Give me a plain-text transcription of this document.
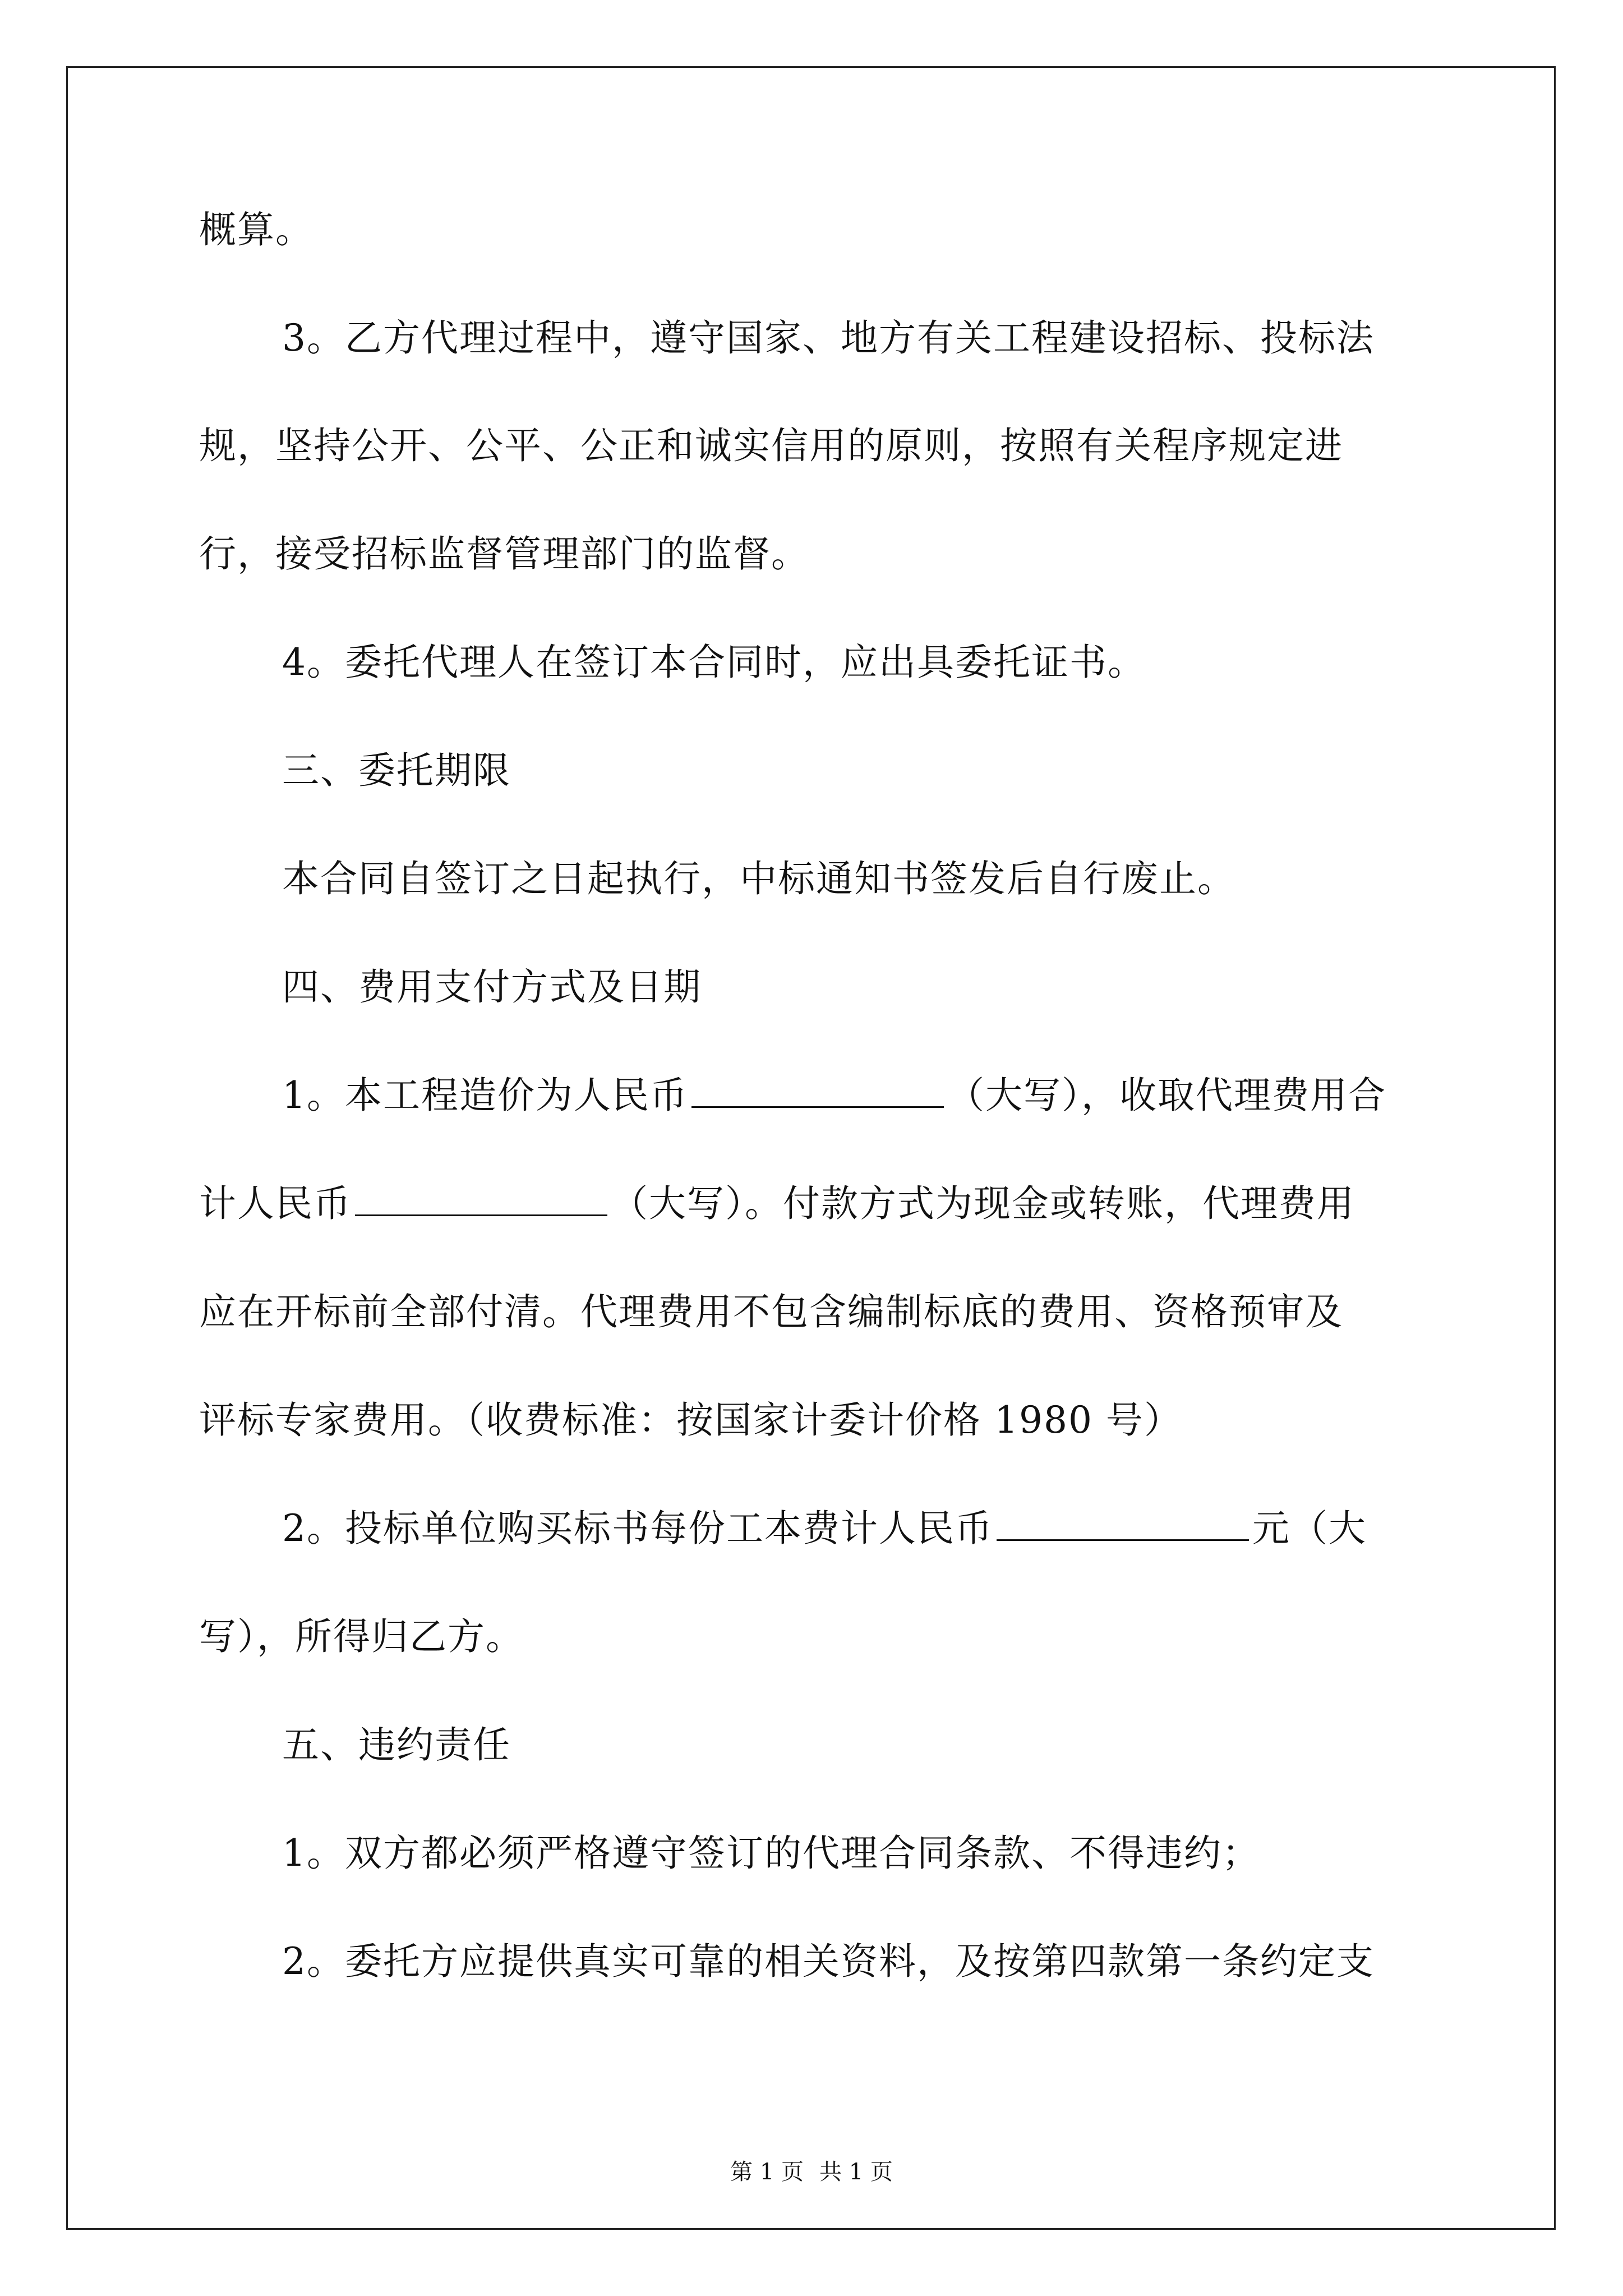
概算。
3。乙方代理过程中，遵守国家、地方有关工程建设招标、投标法
规，坚持公开、公平、公正和诚实信用的原则，按照有关程序规定进
行，接受招标监督管理部门的监督。
4。委托代理人在签订本合同时，应出具委托证书。
三、委托期限
本合同自签订之日起执行，中标通知书签发后自行废止。
四、费用支付方式及日期
1。本工程造价为人民币	（大写），收取代理费用合
计人民币	（大写）。付款方式为现金或转账，代理费用
应在开标前全部付清。代理费用不包含编制标底的费用、资格预审及
评标专家费用。（收费标准：按国家计委计价格 1980 号）
2。投标单位购买标书每份工本费计人民币	元（大
写），所得归乙方。
五、违约责任
1。双方都必须严格遵守签订的代理合同条款、不得违约；
2。委托方应提供真实可靠的相关资料，及按第四款第一条约定支
第 1 页 共 1 页
